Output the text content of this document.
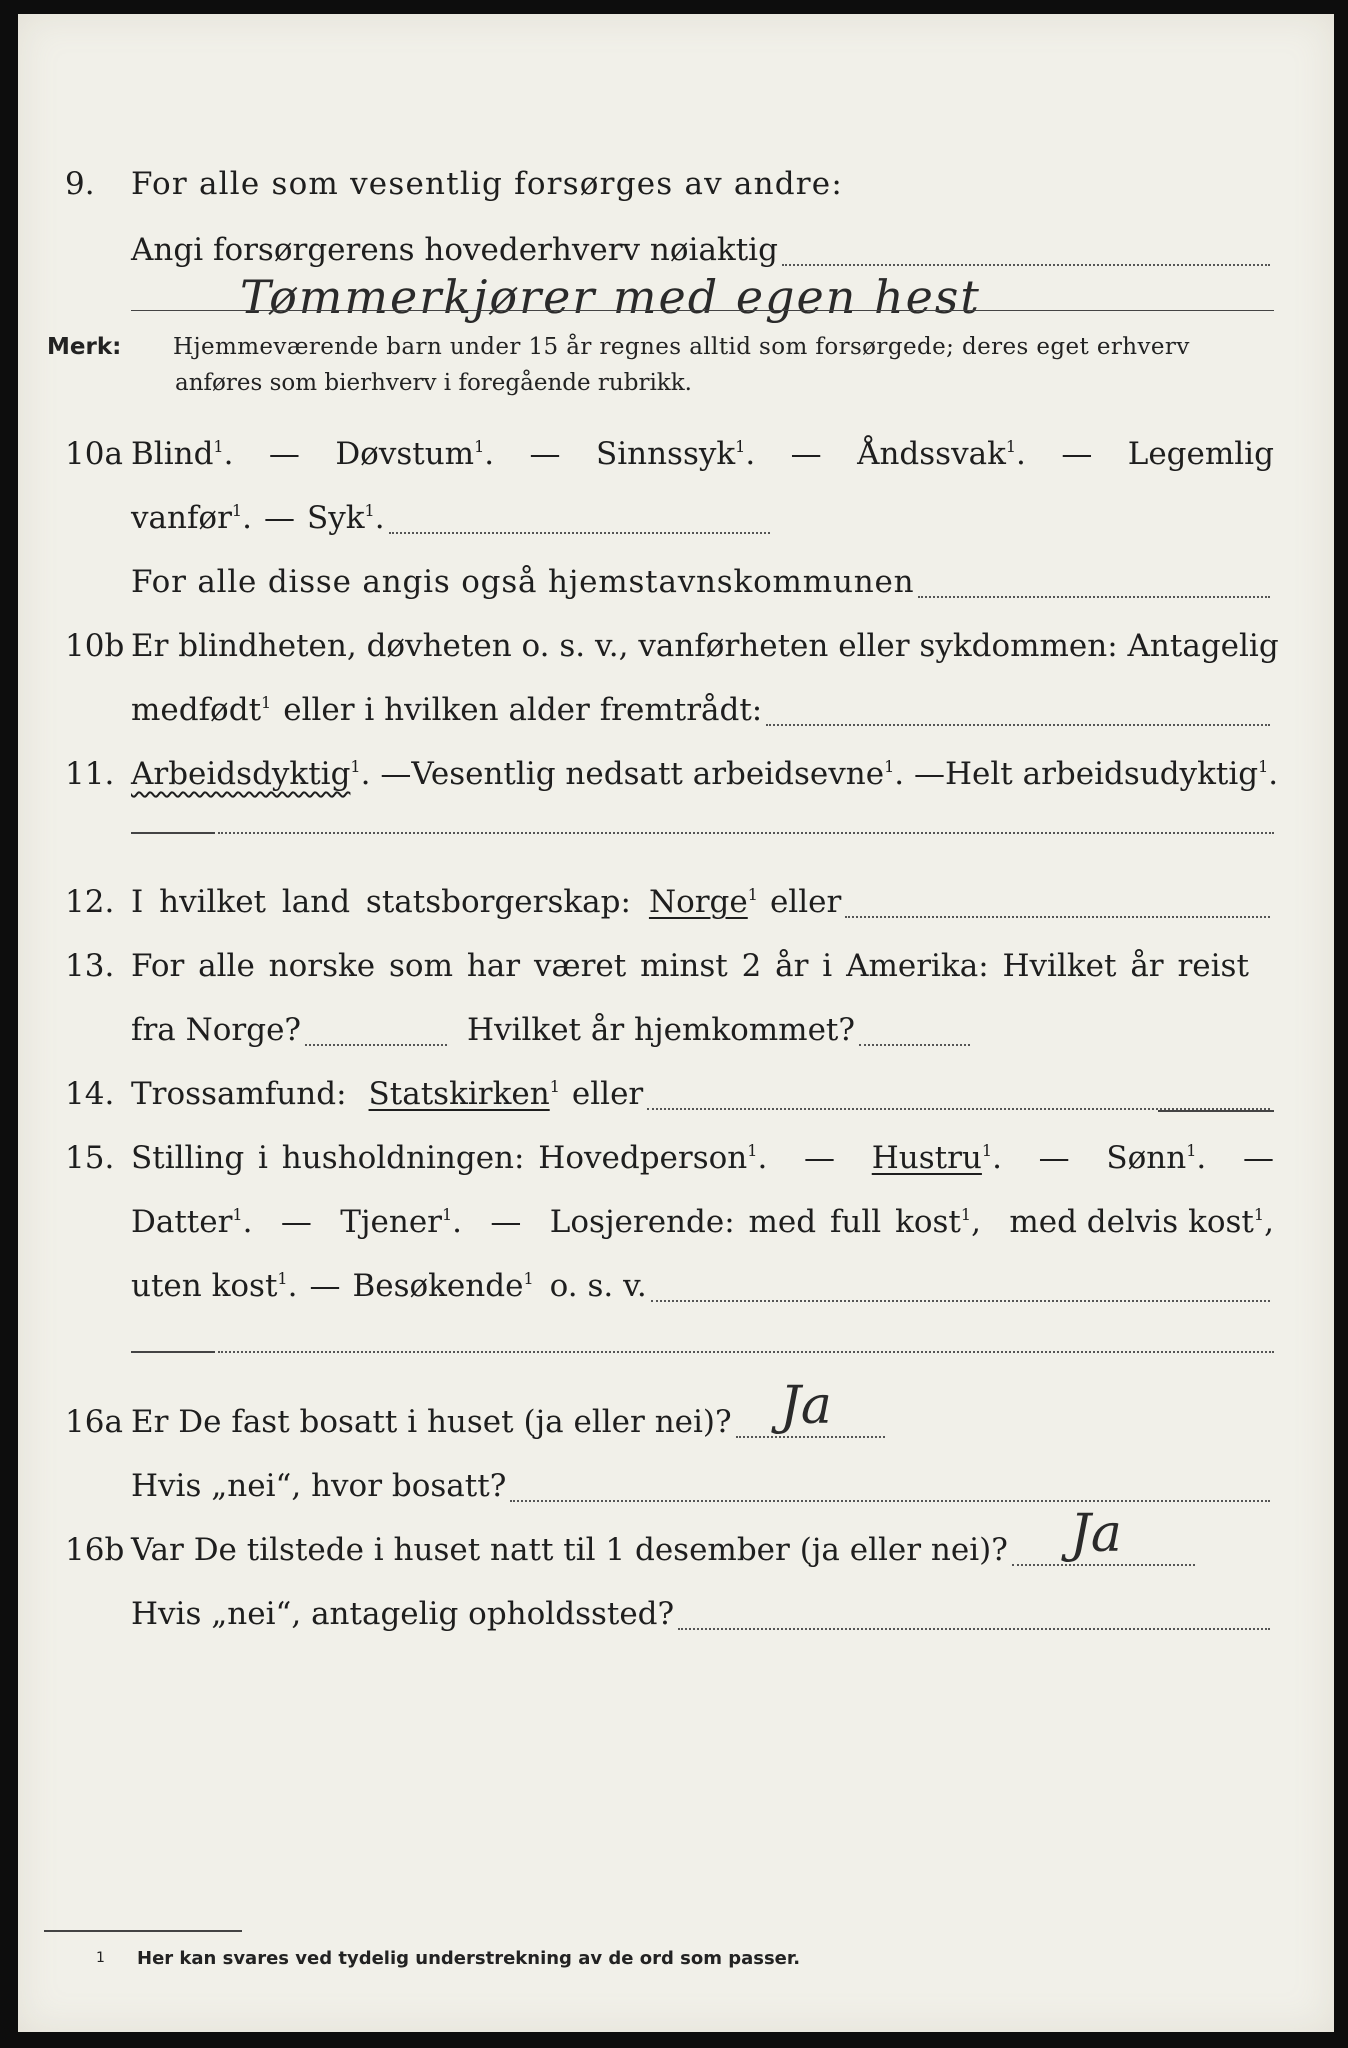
9. For alle som vesentlig forsørges av andre:
Angi forsørgerens hovederhverv nøiaktig
Tømmerkjører med egen hest
Merk: Hjemmeværende barn under 15 år regnes alltid som forsørgede; deres eget erhverv
anføres som bierhverv i foregående rubrikk.
10a Blind$^1$. — Døvstum$^1$. — Sinnssyk$^1$. — Åndssvak$^1$. — Legemlig
vanfør$^1$. — Syk$^1$.
For alle disse angis også hjemstavnskommunen
10b Er blindheten, døvheten o. s. v., vanførheten eller sykdommen: Antagelig
medfødt$^1$ eller i hvilken alder fremtrådt:
11. Arbeidsdyktig$^1$. — Vesentlig nedsatt arbeidsevne$^1$. — Helt arbeidsudyktig$^1$.
12. I hvilket land statsborgerskap: Norge$^1$ eller
13. For alle norske som har været minst 2 år i Amerika: Hvilket år reist
fra Norge?	Hvilket år hjemkommet?
14. Trossamfund: Statskirken$^1$ eller
15. Stilling i husholdningen: Hovedperson$^1$. — Hustru$^1$. — Sønn$^1$. —
Datter$^1$. — Tjener$^1$. — Losjerende: med full kost$^1$, med delvis kost$^1$,
uten kost$^1$. — Besøkende$^1$ o. s. v.
16a Er De fast bosatt i huset (ja eller nei)? Ja
Hvis „nei“, hvor bosatt?
16b Var De tilstede i huset natt til 1 desember (ja eller nei)? Ja
Hvis „nei“, antagelig opholdssted?
1 Her kan svares ved tydelig understrekning av de ord som passer.
